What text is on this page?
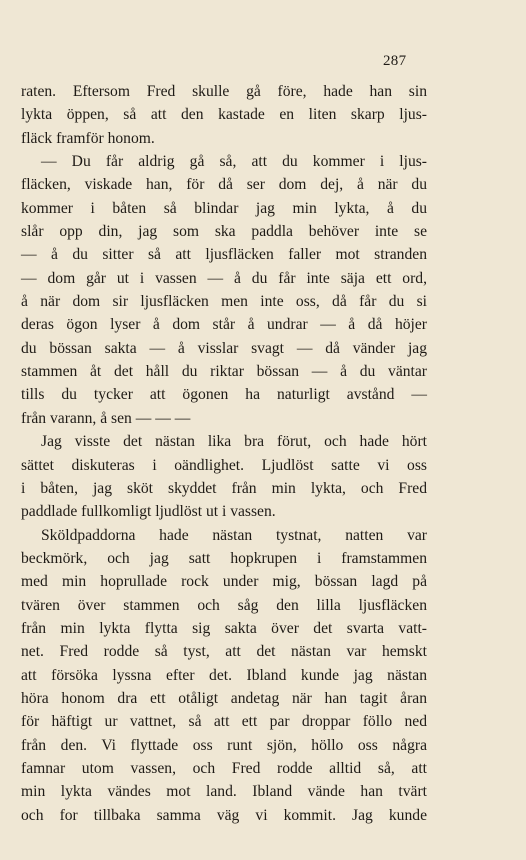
287
raten. Eftersom Fred skulle gå före, hade han sin
lykta öppen, så att den kastade en liten skarp ljus-
fläck framför honom.
— Du får aldrig gå så, att du kommer i ljus-
fläcken, viskade han, för då ser dom dej, å när du
kommer i båten så blindar jag min lykta, å du
slår opp din, jag som ska paddla behöver inte se
— å du sitter så att ljusfläcken faller mot stranden
— dom går ut i vassen — å du får inte säja ett ord,
å när dom sir ljusfläcken men inte oss, då får du si
deras ögon lyser å dom står å undrar — å då höjer
du bössan sakta — å visslar svagt — då vänder jag
stammen åt det håll du riktar bössan — å du väntar
tills du tycker att ögonen ha naturligt avstånd —
från varann, å sen — — —
Jag visste det nästan lika bra förut, och hade hört
sättet diskuteras i oändlighet. Ljudlöst satte vi oss
i båten, jag sköt skyddet från min lykta, och Fred
paddlade fullkomligt ljudlöst ut i vassen.
Sköldpaddorna hade nästan tystnat, natten var
beckmörk, och jag satt hopkrupen i framstammen
med min hoprullade rock under mig, bössan lagd på
tvären över stammen och såg den lilla ljusfläcken
från min lykta flytta sig sakta över det svarta vatt-
net. Fred rodde så tyst, att det nästan var hemskt
att försöka lyssna efter det. Ibland kunde jag nästan
höra honom dra ett otåligt andetag när han tagit åran
för häftigt ur vattnet, så att ett par droppar föllo ned
från den. Vi flyttade oss runt sjön, höllo oss några
famnar utom vassen, och Fred rodde alltid så, att
min lykta vändes mot land. Ibland vände han tvärt
och for tillbaka samma väg vi kommit. Jag kunde
